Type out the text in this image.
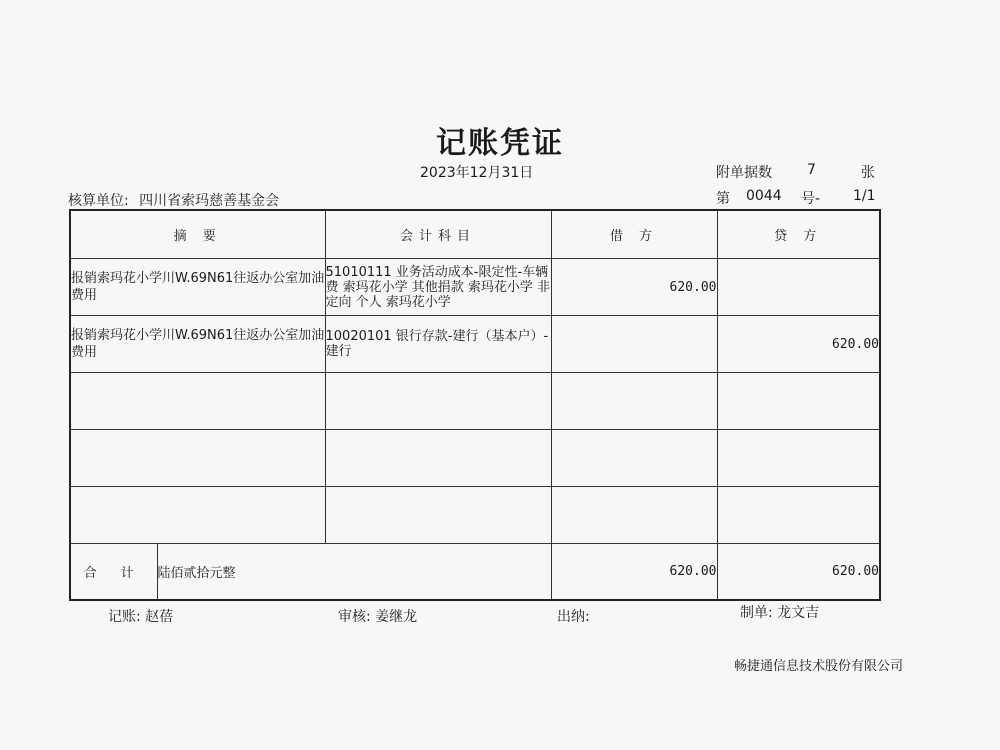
记账凭证
2023年12月31日	附单据数	7	张
第 0044 号- 1/1
核算单位: 四川省索玛慈善基金会
摘 要		会计科目	借 方	贷 方
报销索玛花小学川W.69N61往返办公室加油费用		51010111 业务活动成本-限定性-车辆费 索玛花小学 其他捐款 索玛花小学 非定向 个人 索玛花小学	620.00	
报销索玛花小学川W.69N61往返办公室加油费用		10020101 银行存款-建行（基本户）-建行		620.00

合 计	陆佰贰拾元整		620.00	620.00
记账: 赵蓓	审核: 姜继龙	出纳:	制单: 龙文吉
畅捷通信息技术股份有限公司
